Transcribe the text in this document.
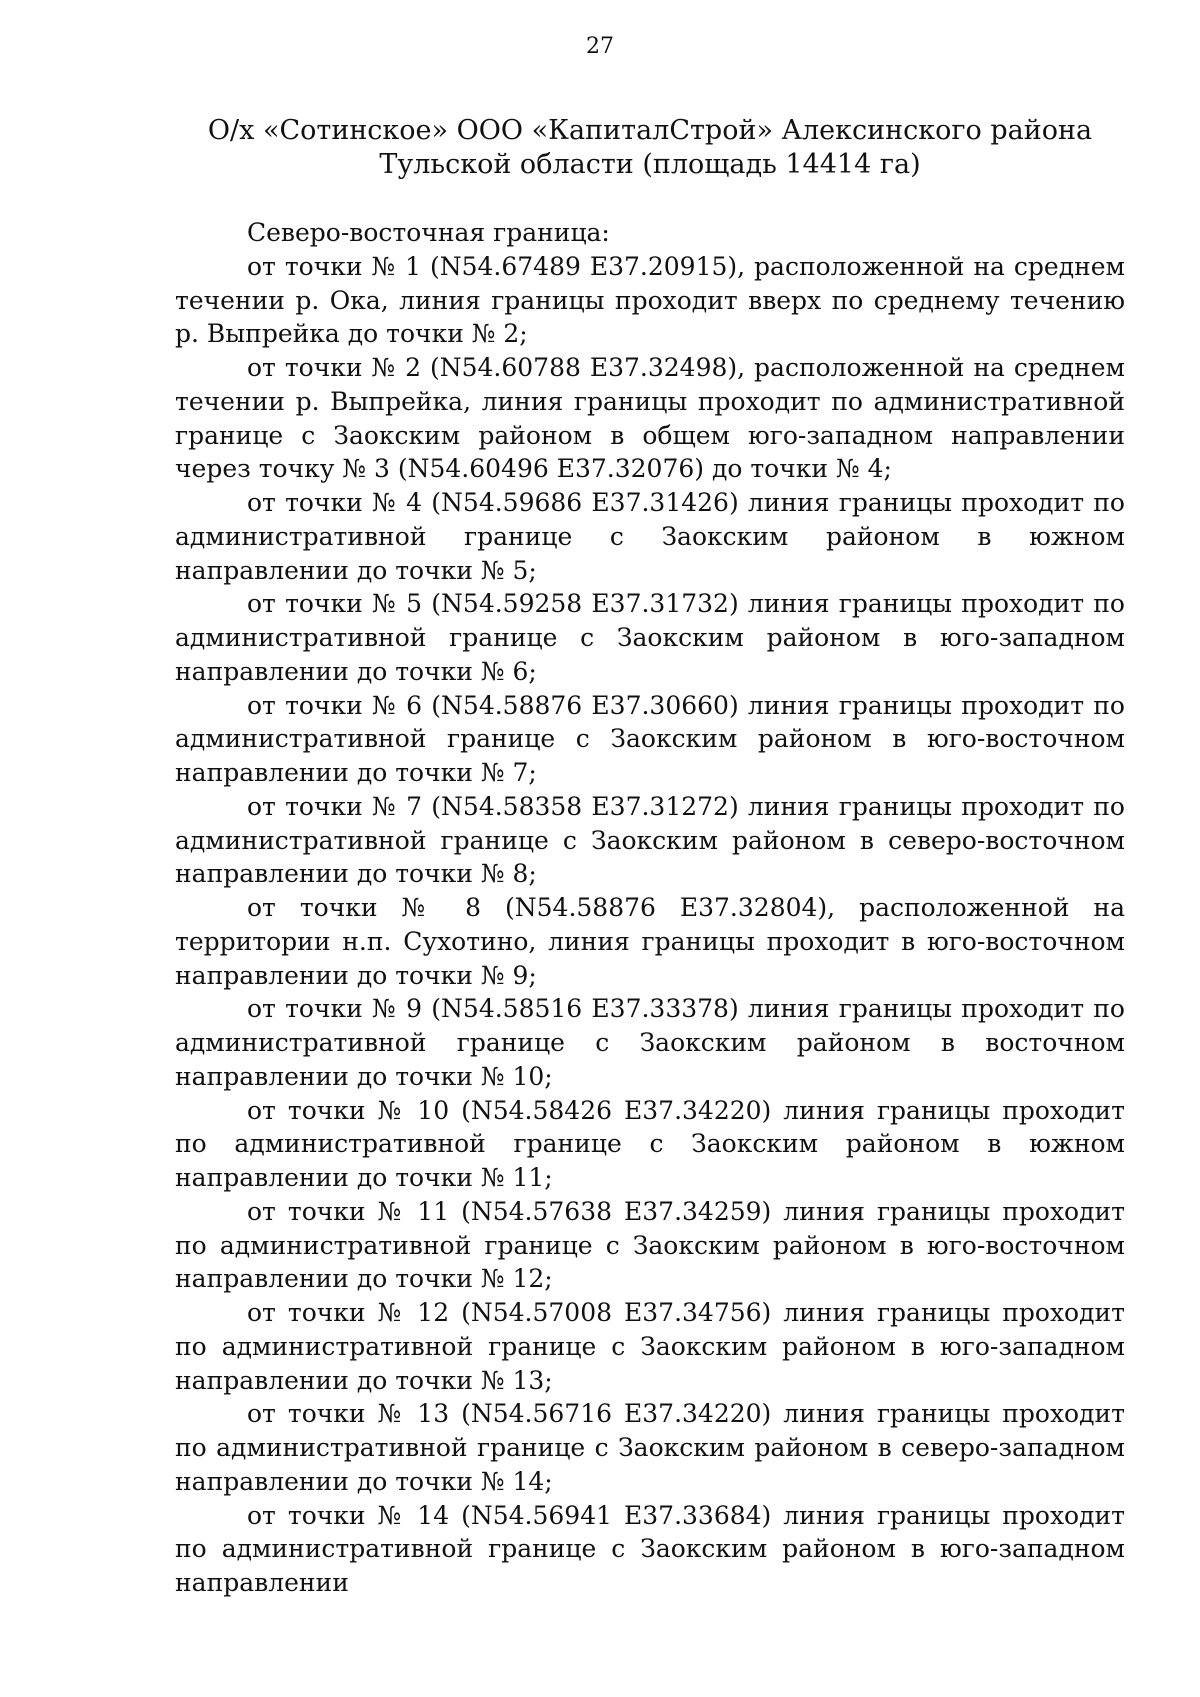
27
О/х «Сотинское» ООО «КапиталСтрой» Алексинского района
Тульской области (площадь 14414 га)

Северо-восточная граница:

от точки № 1 (N54.67489 E37.20915), расположенной на среднем течении р. Ока, линия границы проходит вверх по среднему течению р. Выпрейка до точки № 2;

от точки № 2 (N54.60788 E37.32498), расположенной на среднем течении р. Выпрейка, линия границы проходит по административной границе с Заокским районом в общем юго-западном направлении через точку № 3 (N54.60496 E37.32076) до точки № 4;

от точки № 4 (N54.59686 E37.31426) линия границы проходит по административной границе с Заокским районом в южном направлении до точки № 5;

от точки № 5 (N54.59258 E37.31732) линия границы проходит по административной границе с Заокским районом в юго-западном направлении до точки № 6;

от точки № 6 (N54.58876 E37.30660) линия границы проходит по административной границе с Заокским районом в юго-восточном направлении до точки № 7;

от точки № 7 (N54.58358 E37.31272) линия границы проходит по административной границе с Заокским районом в северо-восточном направлении до точки № 8;

от точки № 8 (N54.58876 E37.32804), расположенной на территории н.п. Сухотино, линия границы проходит в юго-восточном направлении до точки № 9;

от точки № 9 (N54.58516 E37.33378) линия границы проходит по административной границе с Заокским районом в восточном направлении до точки № 10;

от точки № 10 (N54.58426 E37.34220) линия границы проходит по административной границе с Заокским районом в южном направлении до точки № 11;

от точки № 11 (N54.57638 E37.34259) линия границы проходит по административной границе с Заокским районом в юго-восточном направлении до точки № 12;

от точки № 12 (N54.57008 E37.34756) линия границы проходит по административной границе с Заокским районом в юго-западном направлении до точки № 13;

от точки № 13 (N54.56716 E37.34220) линия границы проходит по административной границе с Заокским районом в северо-западном направлении до точки № 14;

от точки № 14 (N54.56941 E37.33684) линия границы проходит по административной границе с Заокским районом в юго-западном направлении
